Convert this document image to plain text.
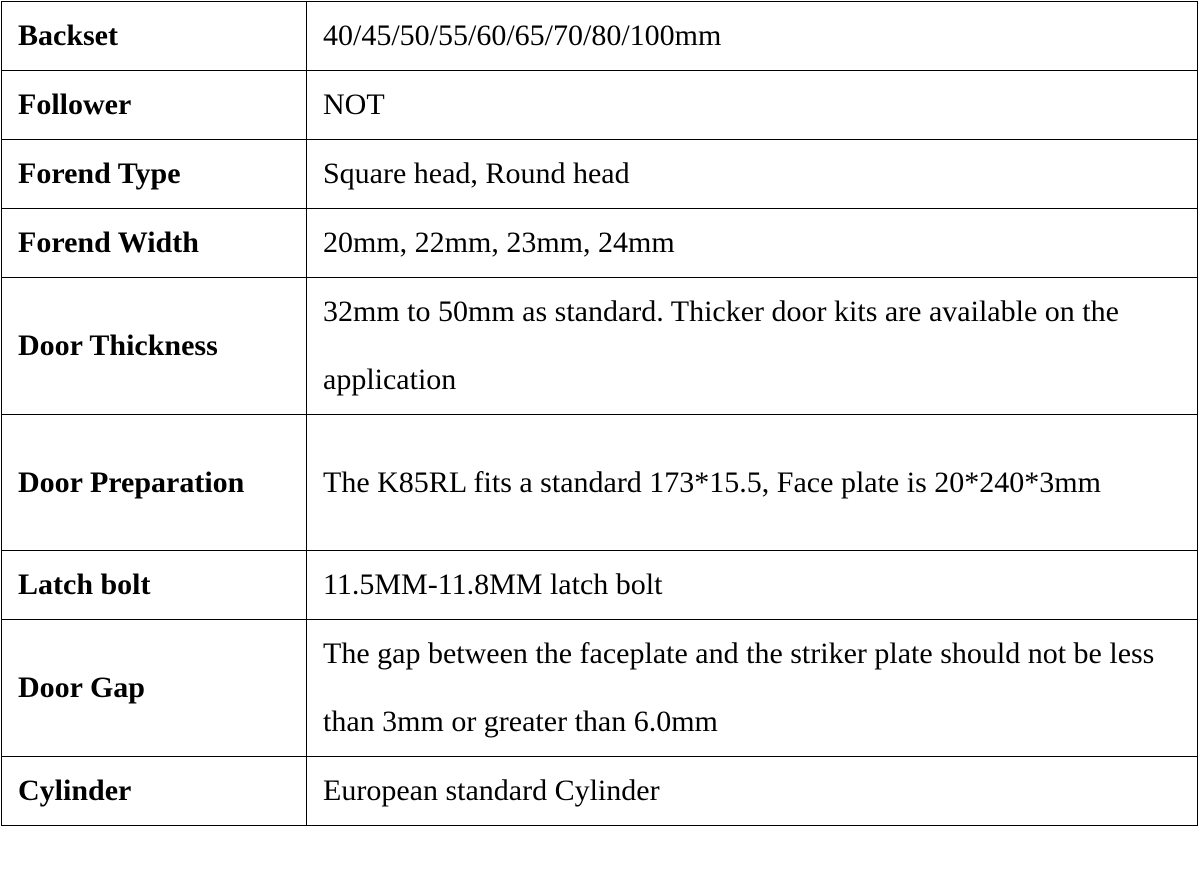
Backset	40/45/50/55/60/65/70/80/100mm
Follower	NOT
Forend Type	Square head, Round head
Forend Width	20mm, 22mm, 23mm, 24mm
Door Thickness	32mm to 50mm as standard. Thicker door kits are available on the application
Door Preparation	The K85RL fits a standard 173*15.5, Face plate is 20*240*3mm
Latch bolt	11.5MM-11.8MM latch bolt
Door Gap	The gap between the faceplate and the striker plate should not be less than 3mm or greater than 6.0mm
Cylinder	European standard Cylinder
